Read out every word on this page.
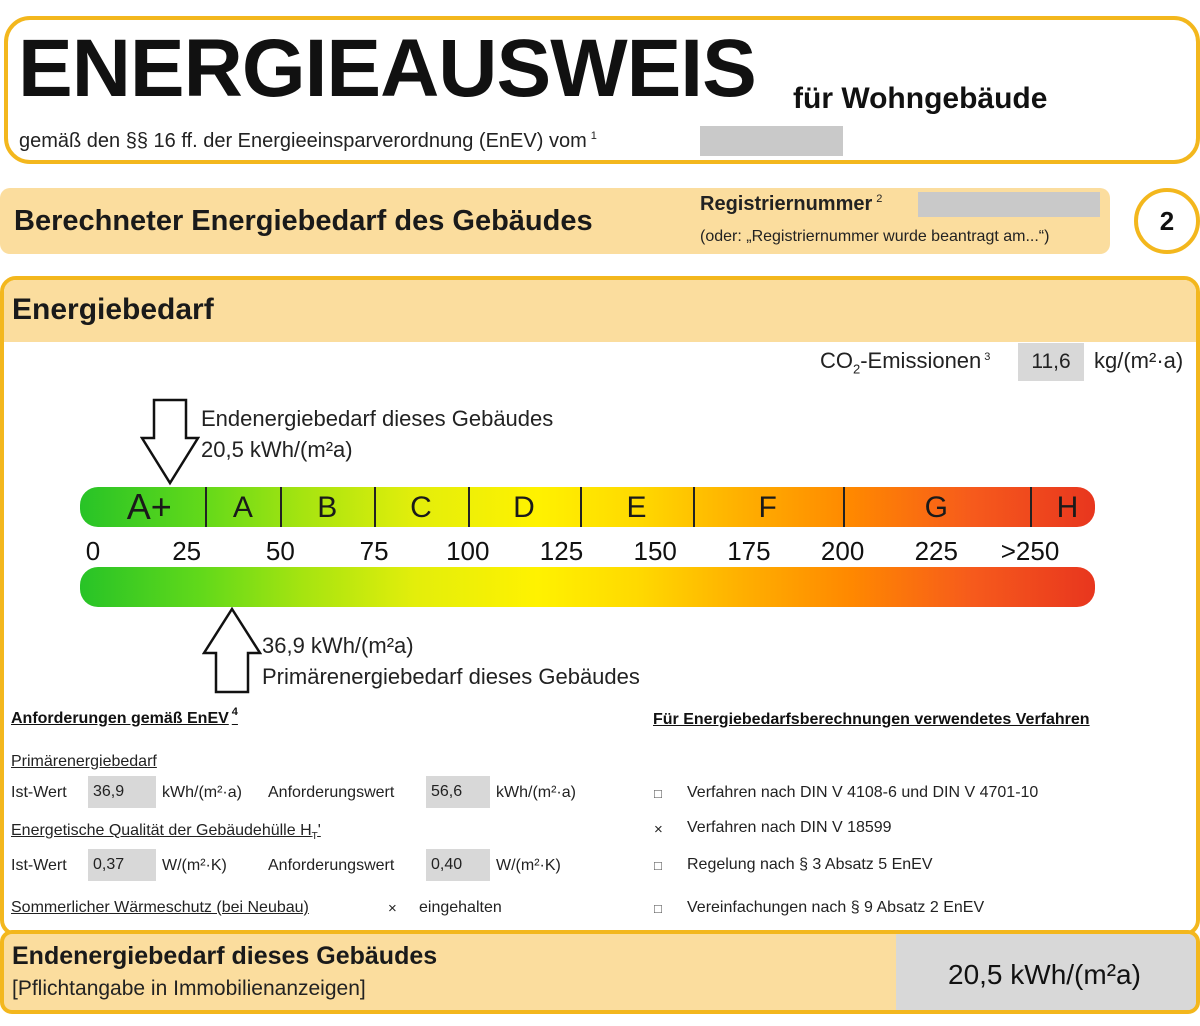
ENERGIEAUSWEIS für Wohngebäude
gemäß den §§ 16 ff. der Energieeinsparverordnung (EnEV) vom $^1$
Berechneter Energiebedarf des Gebäudes
Registriernummer $^2$
(oder: „Registriernummer wurde beantragt am...“)
2
Energiebedarf
$CO_2$-Emissionen $^3$	11,6	kg/(m²·a)
Endenergiebedarf dieses Gebäudes
20,5 kWh/(m²a)
A+ A B C	D	E	F	G	H
0	25 50 75 100 125 150 175 200 225 >250
36,9 kWh/(m²a)
Primärenergiebedarf dieses Gebäudes
Anforderungen gemäß EnEV $^4$
Primärenergiebedarf
Ist-Wert	36,9	kWh/(m²·a) Anforderungswert	56,6	kWh/(m²·a)
Energetische Qualität der Gebäudehülle $H_T'$
Ist-Wert	0,37	W/(m²·K)	Anforderungswert	0,40	W/(m²·K)
Sommerlicher Wärmeschutz (bei Neubau)	× eingehalten
Für Energiebedarfsberechnungen verwendetes Verfahren
□ Verfahren nach DIN V 4108-6 und DIN V 4701-10
× Verfahren nach DIN V 18599
□ Regelung nach § 3 Absatz 5 EnEV
□ Vereinfachungen nach § 9 Absatz 2 EnEV
Endenergiebedarf dieses Gebäudes
[Pflichtangabe in Immobilienanzeigen]	20,5 kWh/(m²a)
